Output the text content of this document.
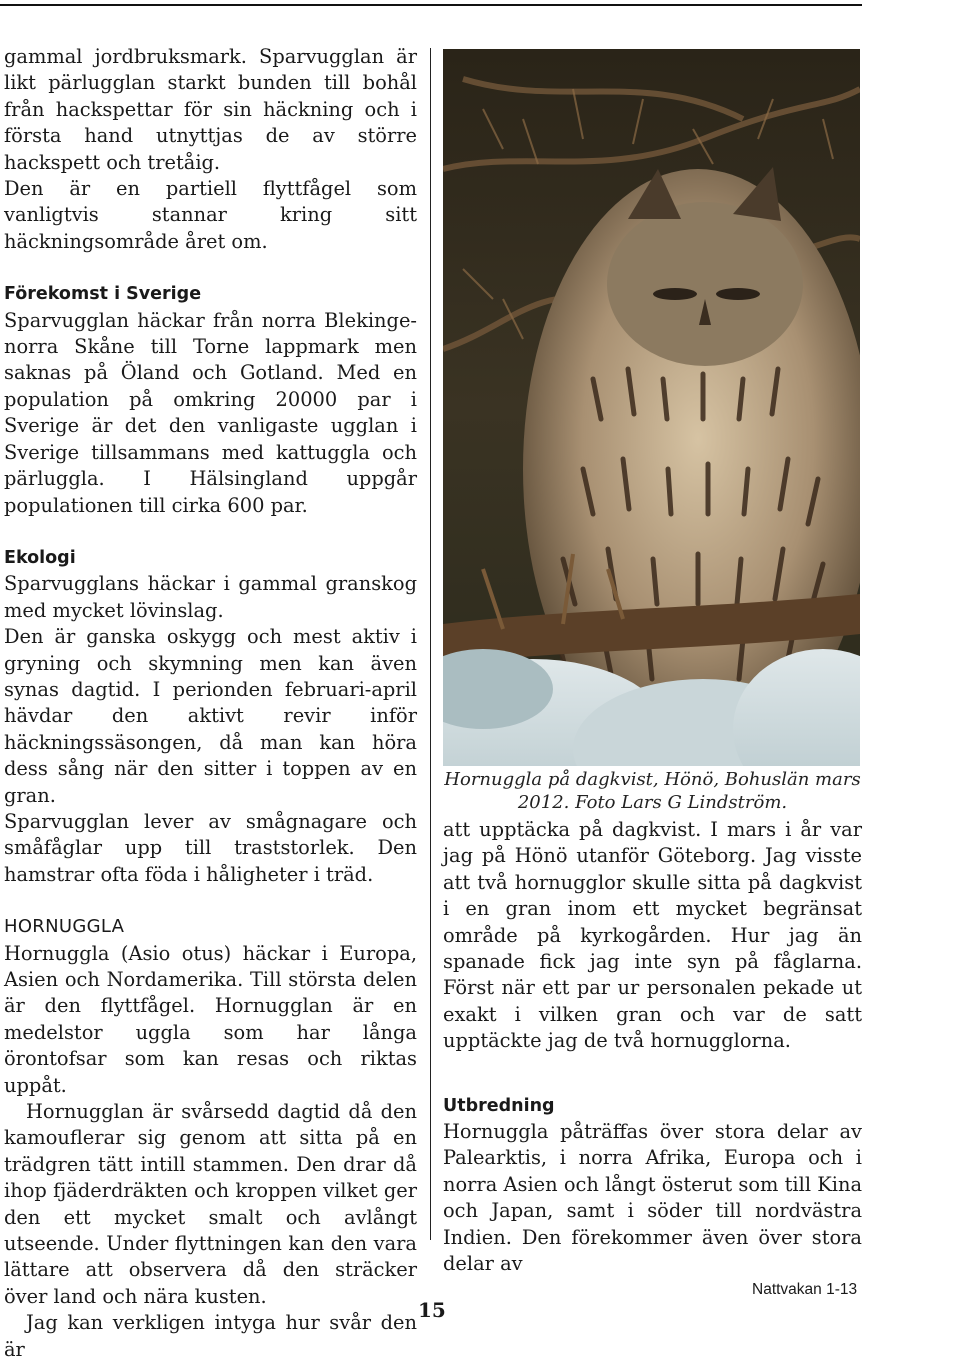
gammal jordbruksmark. Sparvugglan är likt pärlugglan starkt bunden till bohål från hackspettar för sin häckning och i första hand utnyttjas de av större hackspett och tretåig.

Den är en partiell flyttfågel som vanligtvis stannar kring sitt häckningsområde året om.

Förekomst i Sverige

Sparvugglan häckar från norra Blekinge-norra Skåne till Torne lappmark men saknas på Öland och Gotland. Med en population på omkring 20000 par i Sverige är det den vanligaste ugglan i Sverige tillsammans med kattuggla och pärluggla. I Hälsingland uppgår populationen till cirka 600 par.

Ekologi

Sparvugglans häckar i gammal granskog med mycket lövinslag.

Den är ganska oskygg och mest aktiv i gryning och skymning men kan även synas dagtid. I perionden februari-april hävdar den aktivt revir inför häckningssäsongen, då man kan höra dess sång när den sitter i toppen av en gran.

Sparvugglan lever av smågnagare och småfåglar upp till traststorlek. Den hamstrar ofta föda i håligheter i träd.

HORNUGGLA

Hornuggla (Asio otus) häckar i Europa, Asien och Nordamerika. Till största delen är den flyttfågel. Hornugglan är en medelstor uggla som har långa örontofsar som kan resas och riktas uppåt.

Hornugglan är svårsedd dagtid då den kamouflerar sig genom att sitta på en trädgren tätt intill stammen. Den drar då ihop fjäderdräkten och kroppen vilket ger den ett mycket smalt och avlångt utseende. Under flyttningen kan den vara lättare att observera då den sträcker över land och nära kusten.

Jag kan verkligen intyga hur svår den är

Hornuggla på dagkvist, Hönö, Bohuslän mars 2012. Foto Lars G Lindström.

att upptäcka på dagkvist. I mars i år var jag på Hönö utanför Göteborg. Jag visste att två hornugglor skulle sitta på dagkvist i en gran inom ett mycket begränsat område på kyrkogården. Hur jag än spanade fick jag inte syn på fåglarna. Först när ett par ur personalen pekade ut exakt i vilken gran och var de satt upptäckte jag de två hornugglorna.

Utbredning

Hornuggla påträffas över stora delar av Palearktis, i norra Afrika, Europa och i norra Asien och långt österut som till Kina och Japan, samt i söder till nordvästra Indien. Den förekommer även över stora delar av

15
Nattvakan 1-13
